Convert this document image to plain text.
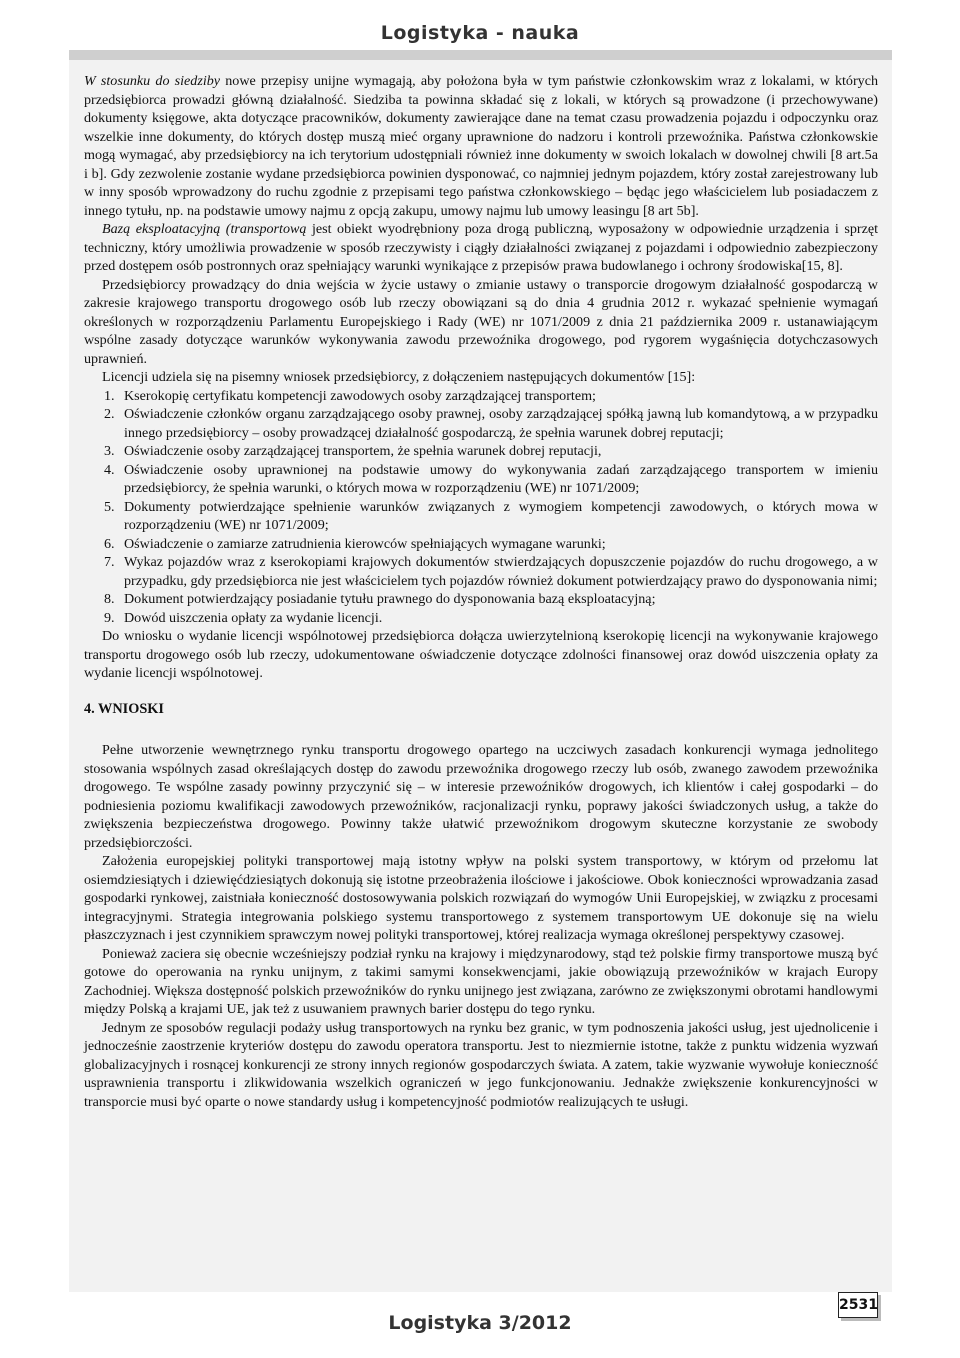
Logistyka - nauka

W stosunku do siedziby nowe przepisy unijne wymagają, aby położona była w tym państwie członkowskim wraz z lokalami, w których przedsiębiorca prowadzi główną działalność. Siedziba ta powinna składać się z lokali, w których są prowadzone (i przechowywane) dokumenty księgowe, akta dotyczące pracowników, dokumenty zawierające dane na temat czasu prowadzenia pojazdu i odpoczynku oraz wszelkie inne dokumenty, do których dostęp muszą mieć organy uprawnione do nadzoru i kontroli przewoźnika. Państwa członkowskie mogą wymagać, aby przedsiębiorcy na ich terytorium udostępniali również inne dokumenty w swoich lokalach w dowolnej chwili [8 art.5a i b]. Gdy zezwolenie zostanie wydane przedsiębiorca powinien dysponować, co najmniej jednym pojazdem, który został zarejestrowany lub w inny sposób wprowadzony do ruchu zgodnie z przepisami tego państwa członkowskiego – będąc jego właścicielem lub posiadaczem z innego tytułu, np. na podstawie umowy najmu z opcją zakupu, umowy najmu lub umowy leasingu [8 art 5b].

Bazą eksploatacyjną (transportową jest obiekt wyodrębniony poza drogą publiczną, wyposażony w odpowiednie urządzenia i sprzęt techniczny, który umożliwia prowadzenie w sposób rzeczywisty i ciągły działalności związanej z pojazdami i odpowiednio zabezpieczony przed dostępem osób postronnych oraz spełniający warunki wynikające z przepisów prawa budowlanego i ochrony środowiska[15, 8].

Przedsiębiorcy prowadzący do dnia wejścia w życie ustawy o zmianie ustawy o transporcie drogowym działalność gospodarczą w zakresie krajowego transportu drogowego osób lub rzeczy obowiązani są do dnia 4 grudnia 2012 r. wykazać spełnienie wymagań określonych w rozporządzeniu Parlamentu Europejskiego i Rady (WE) nr 1071/2009 z dnia 21 października 2009 r. ustanawiającym wspólne zasady dotyczące warunków wykonywania zawodu przewoźnika drogowego, pod rygorem wygaśnięcia dotychczasowych uprawnień.

Licencji udziela się na pisemny wniosek przedsiębiorcy, z dołączeniem następujących dokumentów [15]:

1. Kserokopię certyfikatu kompetencji zawodowych osoby zarządzającej transportem;
2. Oświadczenie członków organu zarządzającego osoby prawnej, osoby zarządzającej spółką jawną lub komandytową, a w przypadku innego przedsiębiorcy – osoby prowadzącej działalność gospodarczą, że spełnia warunek dobrej reputacji;
3. Oświadczenie osoby zarządzającej transportem, że spełnia warunek dobrej reputacji,
4. Oświadczenie osoby uprawnionej na podstawie umowy do wykonywania zadań zarządzającego transportem w imieniu przedsiębiorcy, że spełnia warunki, o których mowa w rozporządzeniu (WE) nr 1071/2009;
5. Dokumenty potwierdzające spełnienie warunków związanych z wymogiem kompetencji zawodowych, o których mowa w rozporządzeniu (WE) nr 1071/2009;
6. Oświadczenie o zamiarze zatrudnienia kierowców spełniających wymagane warunki;
7. Wykaz pojazdów wraz z kserokopiami krajowych dokumentów stwierdzających dopuszczenie pojazdów do ruchu drogowego, a w przypadku, gdy przedsiębiorca nie jest właścicielem tych pojazdów również dokument potwierdzający prawo do dysponowania nimi;
8. Dokument potwierdzający posiadanie tytułu prawnego do dysponowania bazą eksploatacyjną;
9. Dowód uiszczenia opłaty za wydanie licencji.

Do wniosku o wydanie licencji wspólnotowej przedsiębiorca dołącza uwierzytelnioną kserokopię licencji na wykonywanie krajowego transportu drogowego osób lub rzeczy, udokumentowane oświadczenie dotyczące zdolności finansowej oraz dowód uiszczenia opłaty za wydanie licencji wspólnotowej.

4. WNIOSKI

Pełne utworzenie wewnętrznego rynku transportu drogowego opartego na uczciwych zasadach konkurencji wymaga jednolitego stosowania wspólnych zasad określających dostęp do zawodu przewoźnika drogowego rzeczy lub osób, zwanego zawodem przewoźnika drogowego. Te wspólne zasady powinny przyczynić się – w interesie przewoźników drogowych, ich klientów i całej gospodarki – do podniesienia poziomu kwalifikacji zawodowych przewoźników, racjonalizacji rynku, poprawy jakości świadczonych usług, a także do zwiększenia bezpieczeństwa drogowego. Powinny także ułatwić przewoźnikom drogowym skuteczne korzystanie ze swobody przedsiębiorczości.

Założenia europejskiej polityki transportowej mają istotny wpływ na polski system transportowy, w którym od przełomu lat osiemdziesiątych i dziewięćdziesiątych dokonują się istotne przeobrażenia ilościowe i jakościowe. Obok konieczności wprowadzania zasad gospodarki rynkowej, zaistniała konieczność dostosowywania polskich rozwiązań do wymogów Unii Europejskiej, w związku z procesami integracyjnymi. Strategia integrowania polskiego systemu transportowego z systemem transportowym UE dokonuje się na wielu płaszczyznach i jest czynnikiem sprawczym nowej polityki transportowej, której realizacja wymaga określonej perspektywy czasowej.

Ponieważ zaciera się obecnie wcześniejszy podział rynku na krajowy i międzynarodowy, stąd też polskie firmy transportowe muszą być gotowe do operowania na rynku unijnym, z takimi samymi konsekwencjami, jakie obowiązują przewoźników w krajach Europy Zachodniej. Większa dostępność polskich przewoźników do rynku unijnego jest związana, zarówno ze zwiększonymi obrotami handlowymi między Polską a krajami UE, jak też z usuwaniem prawnych barier dostępu do tego rynku.

Jednym ze sposobów regulacji podaży usług transportowych na rynku bez granic, w tym podnoszenia jakości usług, jest ujednolicenie i jednocześnie zaostrzenie kryteriów dostępu do zawodu operatora transportu. Jest to niezmiernie istotne, także z punktu widzenia wyzwań globalizacyjnych i rosnącej konkurencji ze strony innych regionów gospodarczych świata. A zatem, takie wyzwanie wywołuje konieczność usprawnienia transportu i zlikwidowania wszelkich ograniczeń w jego funkcjonowaniu. Jednakże zwiększenie konkurencyjności w transporcie musi być oparte o nowe standardy usług i kompetencyjność podmiotów realizujących te usługi.

2531
Logistyka 3/2012
